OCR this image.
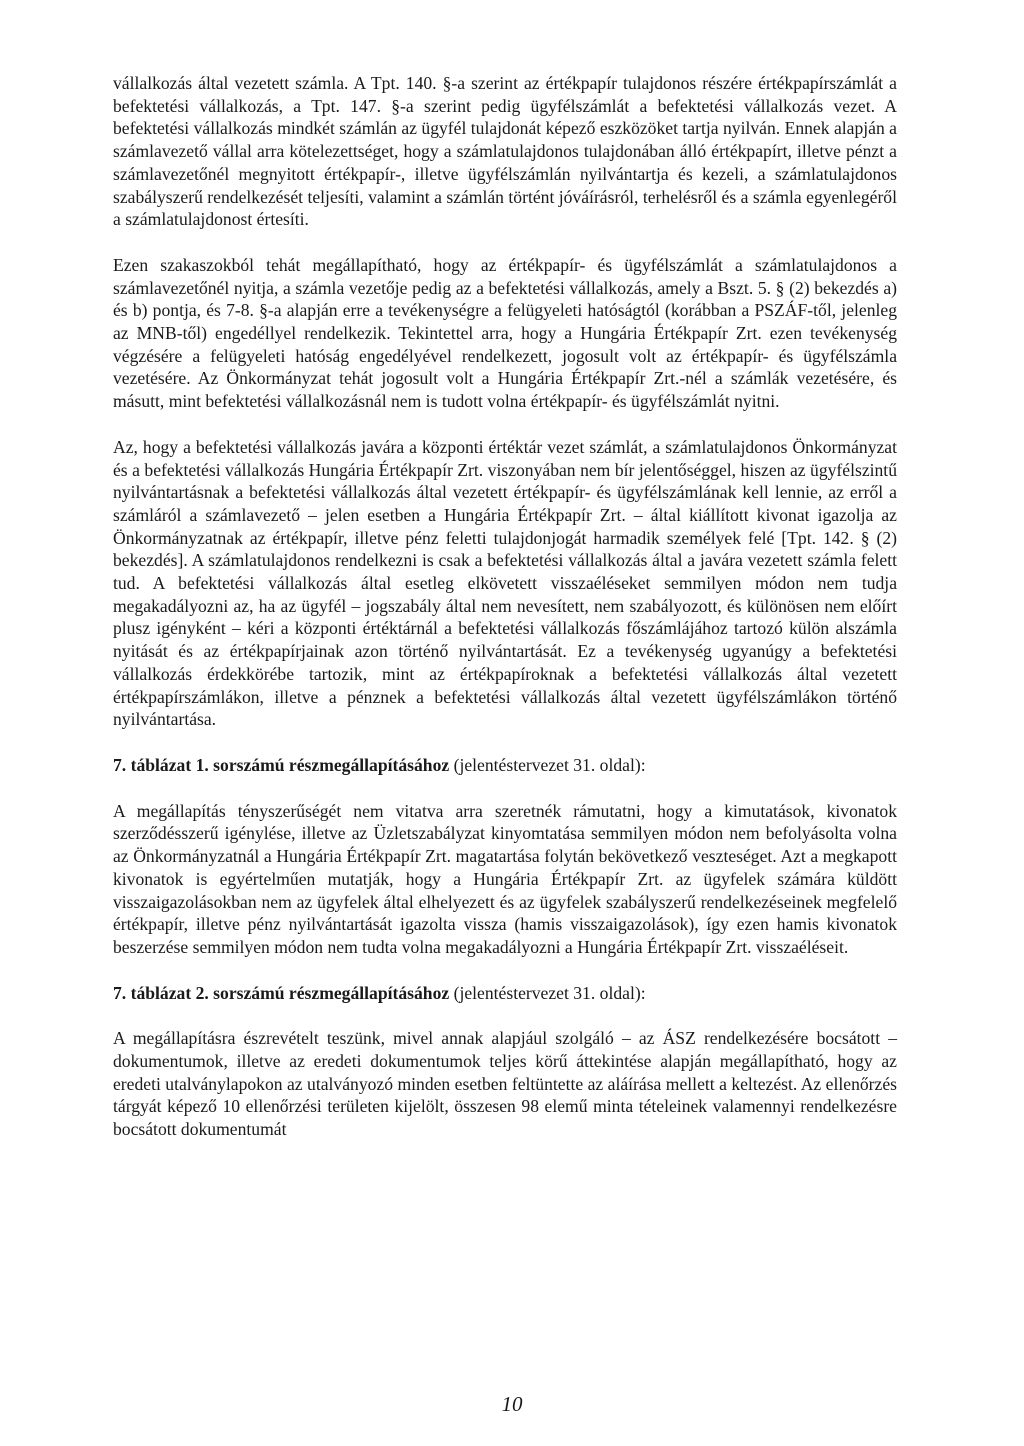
vállalkozás által vezetett számla. A Tpt. 140. §-a szerint az értékpapír tulajdonos részére értékpapírszámlát a befektetési vállalkozás, a Tpt. 147. §-a szerint pedig ügyfélszámlát a befektetési vállalkozás vezet. A befektetési vállalkozás mindkét számlán az ügyfél tulajdonát képező eszközöket tartja nyilván. Ennek alapján a számlavezető vállal arra kötelezettséget, hogy a számlatulajdonos tulajdonában álló értékpapírt, illetve pénzt a számlavezetőnél megnyitott értékpapír-, illetve ügyfélszámlán nyilvántartja és kezeli, a számlatulajdonos szabályszerű rendelkezését teljesíti, valamint a számlán történt jóváírásról, terhelésről és a számla egyenlegéről a számlatulajdonost értesíti.

Ezen szakaszokból tehát megállapítható, hogy az értékpapír- és ügyfélszámlát a számlatulajdonos a számlavezetőnél nyitja, a számla vezetője pedig az a befektetési vállalkozás, amely a Bszt. 5. § (2) bekezdés a) és b) pontja, és 7-8. §-a alapján erre a tevékenységre a felügyeleti hatóságtól (korábban a PSZÁF-től, jelenleg az MNB-től) engedéllyel rendelkezik. Tekintettel arra, hogy a Hungária Értékpapír Zrt. ezen tevékenység végzésére a felügyeleti hatóság engedélyével rendelkezett, jogosult volt az értékpapír- és ügyfélszámla vezetésére. Az Önkormányzat tehát jogosult volt a Hungária Értékpapír Zrt.-nél a számlák vezetésére, és másutt, mint befektetési vállalkozásnál nem is tudott volna értékpapír- és ügyfélszámlát nyitni.

Az, hogy a befektetési vállalkozás javára a központi értéktár vezet számlát, a számlatulajdonos Önkormányzat és a befektetési vállalkozás Hungária Értékpapír Zrt. viszonyában nem bír jelentőséggel, hiszen az ügyfélszintű nyilvántartásnak a befektetési vállalkozás által vezetett értékpapír- és ügyfélszámlának kell lennie, az erről a számláról a számlavezető – jelen esetben a Hungária Értékpapír Zrt. – által kiállított kivonat igazolja az Önkormányzatnak az értékpapír, illetve pénz feletti tulajdonjogát harmadik személyek felé [Tpt. 142. § (2) bekezdés]. A számlatulajdonos rendelkezni is csak a befektetési vállalkozás által a javára vezetett számla felett tud. A befektetési vállalkozás által esetleg elkövetett visszaéléseket semmilyen módon nem tudja megakadályozni az, ha az ügyfél – jogszabály által nem nevesített, nem szabályozott, és különösen nem előírt plusz igényként – kéri a központi értéktárnál a befektetési vállalkozás főszámlájához tartozó külön alszámla nyitását és az értékpapírjainak azon történő nyilvántartását. Ez a tevékenység ugyanúgy a befektetési vállalkozás érdekkörébe tartozik, mint az értékpapíroknak a befektetési vállalkozás által vezetett értékpapírszámlákon, illetve a pénznek a befektetési vállalkozás által vezetett ügyfélszámlákon történő nyilvántartása.

7. táblázat 1. sorszámú részmegállapításához (jelentéstervezet 31. oldal):

A megállapítás tényszerűségét nem vitatva arra szeretnék rámutatni, hogy a kimutatások, kivonatok szerződésszerű igénylése, illetve az Üzletszabályzat kinyomtatása semmilyen módon nem befolyásolta volna az Önkormányzatnál a Hungária Értékpapír Zrt. magatartása folytán bekövetkező veszteséget. Azt a megkapott kivonatok is egyértelműen mutatják, hogy a Hungária Értékpapír Zrt. az ügyfelek számára küldött visszaigazolásokban nem az ügyfelek által elhelyezett és az ügyfelek szabályszerű rendelkezéseinek megfelelő értékpapír, illetve pénz nyilvántartását igazolta vissza (hamis visszaigazolások), így ezen hamis kivonatok beszerzése semmilyen módon nem tudta volna megakadályozni a Hungária Értékpapír Zrt. visszaéléseit.

7. táblázat 2. sorszámú részmegállapításához (jelentéstervezet 31. oldal):

A megállapításra észrevételt teszünk, mivel annak alapjául szolgáló – az ÁSZ rendelkezésére bocsátott – dokumentumok, illetve az eredeti dokumentumok teljes körű áttekintése alapján megállapítható, hogy az eredeti utalványlapokon az utalványozó minden esetben feltüntette az aláírása mellett a keltezést. Az ellenőrzés tárgyát képező 10 ellenőrzési területen kijelölt, összesen 98 elemű minta tételeinek valamennyi rendelkezésre bocsátott dokumentumát

10
